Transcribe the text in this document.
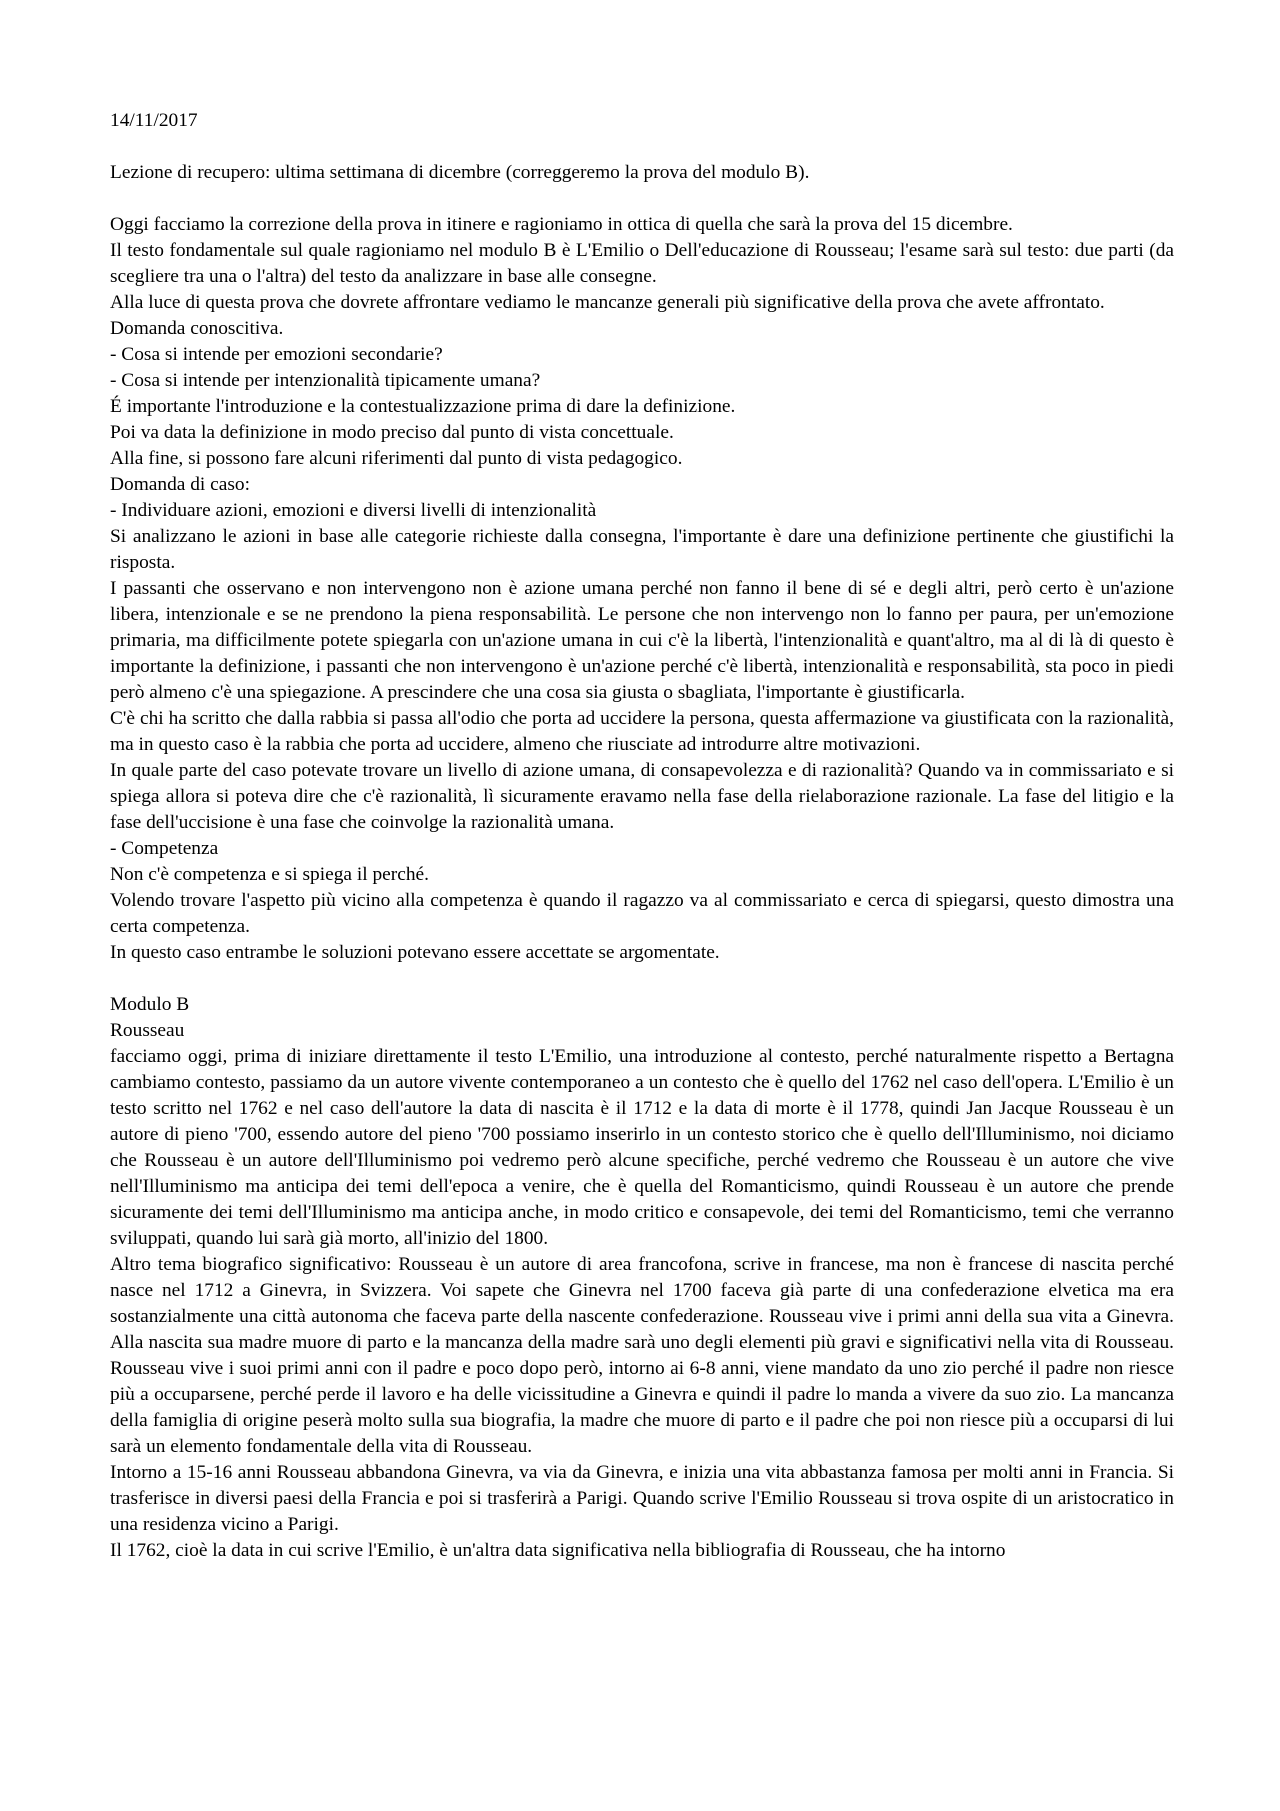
14/11/2017

Lezione di recupero: ultima settimana di dicembre (correggeremo la prova del modulo B).

Oggi facciamo la correzione della prova in itinere e ragioniamo in ottica di quella che sarà la prova del 15 dicembre.

Il testo fondamentale sul quale ragioniamo nel modulo B è L'Emilio o Dell'educazione di Rousseau; l'esame sarà sul testo: due parti (da scegliere tra una o l'altra) del testo da analizzare in base alle consegne.

Alla luce di questa prova che dovrete affrontare vediamo le mancanze generali più significative della prova che avete affrontato.

Domanda conoscitiva.

- Cosa si intende per emozioni secondarie?

- Cosa si intende per intenzionalità tipicamente umana?

É importante l'introduzione e la contestualizzazione prima di dare la definizione.

Poi va data la definizione in modo preciso dal punto di vista concettuale.

Alla fine, si possono fare alcuni riferimenti dal punto di vista pedagogico.

Domanda di caso:

- Individuare azioni, emozioni e diversi livelli di intenzionalità

Si analizzano le azioni in base alle categorie richieste dalla consegna, l'importante è dare una definizione pertinente che giustifichi la risposta.

I passanti che osservano e non intervengono non è azione umana perché non fanno il bene di sé e degli altri, però certo è un'azione libera, intenzionale e se ne prendono la piena responsabilità. Le persone che non intervengo non lo fanno per paura, per un'emozione primaria, ma difficilmente potete spiegarla con un'azione umana in cui c'è la libertà, l'intenzionalità e quant'altro, ma al di là di questo è importante la definizione, i passanti che non intervengono è un'azione perché c'è libertà, intenzionalità e responsabilità, sta poco in piedi però almeno c'è una spiegazione. A prescindere che una cosa sia giusta o sbagliata, l'importante è giustificarla.

C'è chi ha scritto che dalla rabbia si passa all'odio che porta ad uccidere la persona, questa affermazione va giustificata con la razionalità, ma in questo caso è la rabbia che porta ad uccidere, almeno che riusciate ad introdurre altre motivazioni.

In quale parte del caso potevate trovare un livello di azione umana, di consapevolezza e di razionalità? Quando va in commissariato e si spiega allora si poteva dire che c'è razionalità, lì sicuramente eravamo nella fase della rielaborazione razionale. La fase del litigio e la fase dell'uccisione è una fase che coinvolge la razionalità umana.

- Competenza

Non c'è competenza e si spiega il perché.

Volendo trovare l'aspetto più vicino alla competenza è quando il ragazzo va al commissariato e cerca di spiegarsi, questo dimostra una certa competenza.

In questo caso entrambe le soluzioni potevano essere accettate se argomentate.

Modulo B

Rousseau

facciamo oggi, prima di iniziare direttamente il testo L'Emilio, una introduzione al contesto, perché naturalmente rispetto a Bertagna cambiamo contesto, passiamo da un autore vivente contemporaneo a un contesto che è quello del 1762 nel caso dell'opera. L'Emilio è un testo scritto nel 1762 e nel caso dell'autore la data di nascita è il 1712 e la data di morte è il 1778, quindi Jan Jacque Rousseau è un autore di pieno '700, essendo autore del pieno '700 possiamo inserirlo in un contesto storico che è quello dell'Illuminismo, noi diciamo che Rousseau è un autore dell'Illuminismo poi vedremo però alcune specifiche, perché vedremo che Rousseau è un autore che vive nell'Illuminismo ma anticipa dei temi dell'epoca a venire, che è quella del Romanticismo, quindi Rousseau è un autore che prende sicuramente dei temi dell'Illuminismo ma anticipa anche, in modo critico e consapevole, dei temi del Romanticismo, temi che verranno sviluppati, quando lui sarà già morto, all'inizio del 1800.

Altro tema biografico significativo: Rousseau è un autore di area francofona, scrive in francese, ma non è francese di nascita perché nasce nel 1712 a Ginevra, in Svizzera. Voi sapete che Ginevra nel 1700 faceva già parte di una confederazione elvetica ma era sostanzialmente una città autonoma che faceva parte della nascente confederazione. Rousseau vive i primi anni della sua vita a Ginevra. Alla nascita sua madre muore di parto e la mancanza della madre sarà uno degli elementi più gravi e significativi nella vita di Rousseau. Rousseau vive i suoi primi anni con il padre e poco dopo però, intorno ai 6-8 anni, viene mandato da uno zio perché il padre non riesce più a occuparsene, perché perde il lavoro e ha delle vicissitudine a Ginevra e quindi il padre lo manda a vivere da suo zio. La mancanza della famiglia di origine peserà molto sulla sua biografia, la madre che muore di parto e il padre che poi non riesce più a occuparsi di lui sarà un elemento fondamentale della vita di Rousseau.

Intorno a 15-16 anni Rousseau abbandona Ginevra, va via da Ginevra, e inizia una vita abbastanza famosa per molti anni in Francia. Si trasferisce in diversi paesi della Francia e poi si trasferirà a Parigi. Quando scrive l'Emilio Rousseau si trova ospite di un aristocratico in una residenza vicino a Parigi.

Il 1762, cioè la data in cui scrive l'Emilio, è un'altra data significativa nella bibliografia di Rousseau, che ha intorno
